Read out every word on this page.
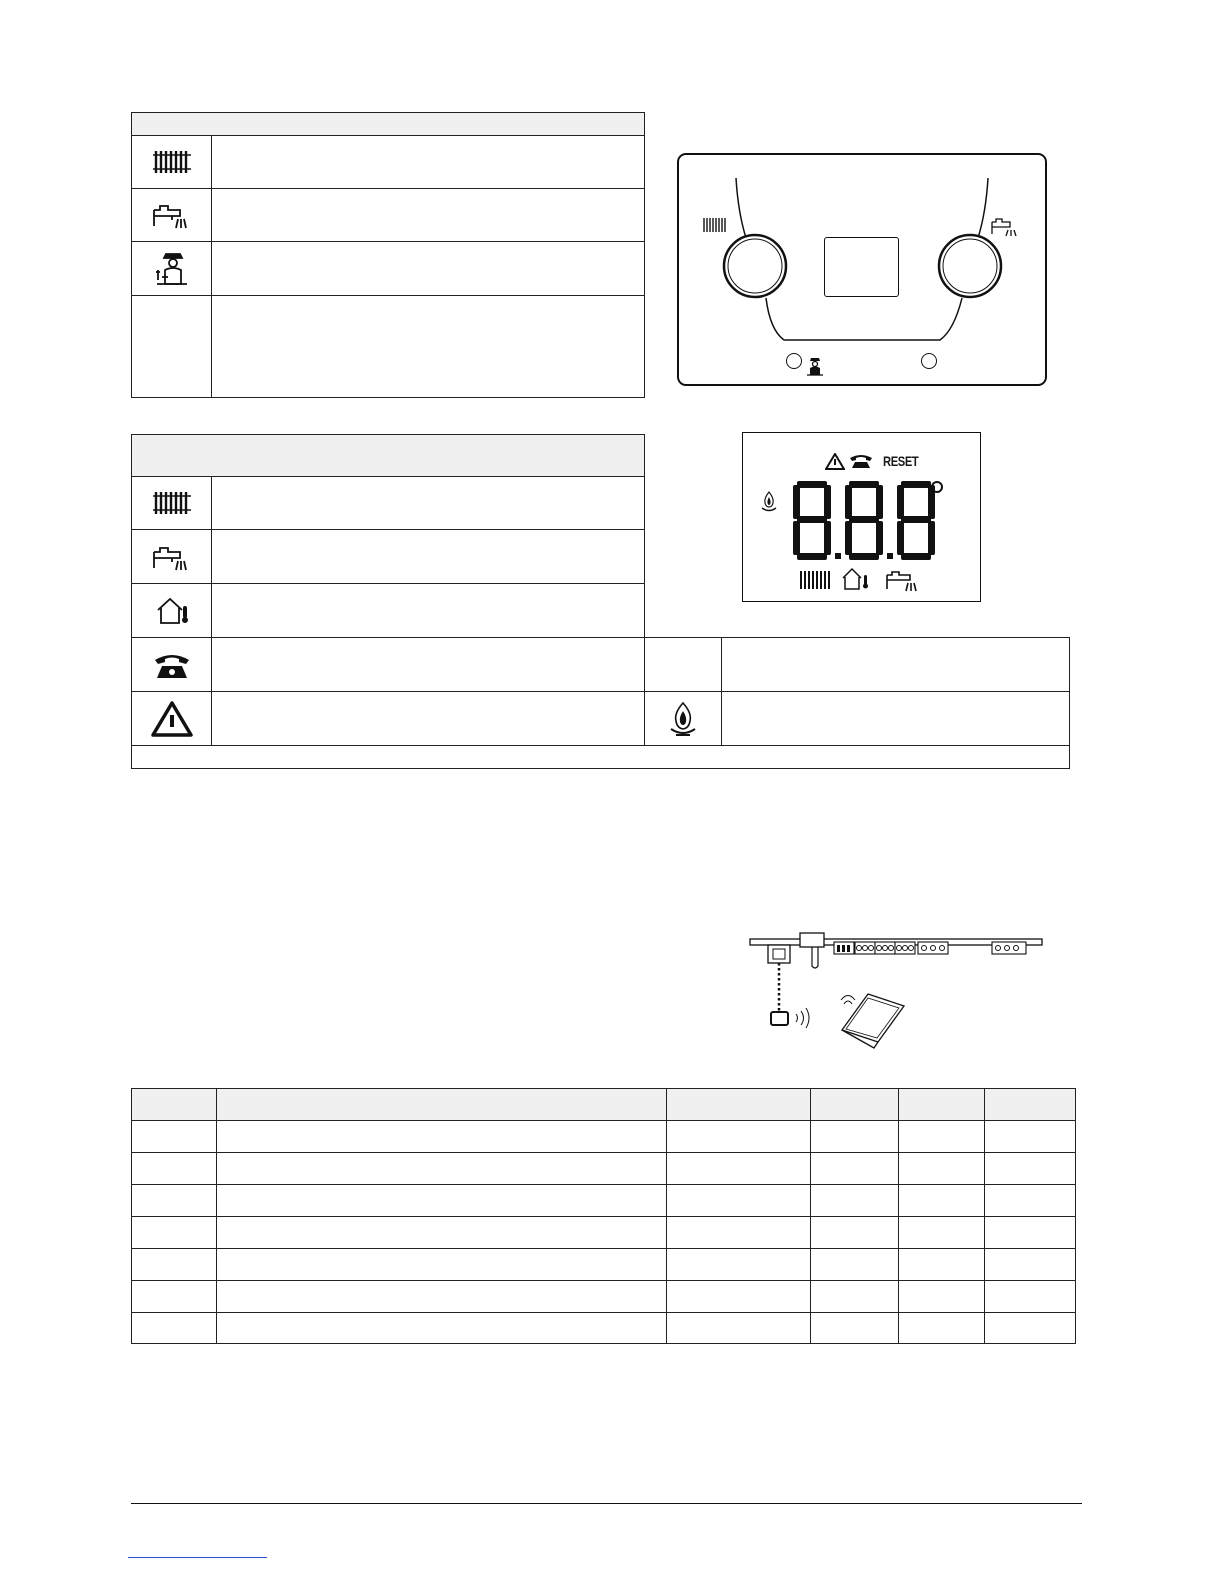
RESET
